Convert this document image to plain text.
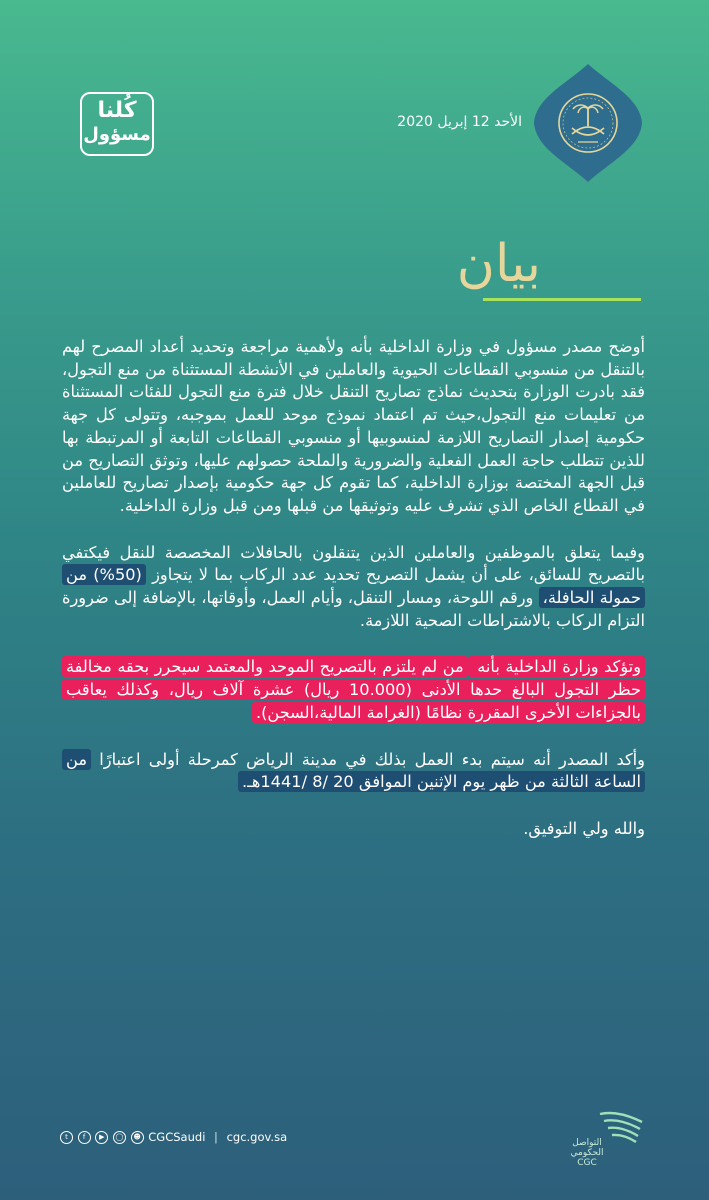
كُلنا
مسؤول
الأحد 12 إبريل 2020
بيان

أوضح مصدر مسؤول في وزارة الداخلية بأنه ولأهمية مراجعة وتحديد أعداد المصرح لهم بالتنقل من منسوبي القطاعات الحيوية والعاملين في الأنشطة المستثناة من منع التجول، فقد بادرت الوزارة بتحديث نماذج تصاريح التنقل خلال فترة منع التجول للفئات المستثناة من تعليمات منع التجول،حيث تم اعتماد نموذج موحد للعمل بموجبه، وتتولى كل جهة حكومية إصدار التصاريح اللازمة لمنسوبيها أو منسوبي القطاعات التابعة أو المرتبطة بها للذين تتطلب حاجة العمل الفعلية والضرورية والملحة حصولهم عليها، وتوثق التصاريح من قبل الجهة المختصة بوزارة الداخلية، كما تقوم كل جهة حكومية بإصدار تصاريح للعاملين في القطاع الخاص الذي تشرف عليه وتوثيقها من قبلها ومن قبل وزارة الداخلية.

وفيما يتعلق بالموظفين والعاملين الذين يتنقلون بالحافلات المخصصة للنقل فيكتفي بالتصريح للسائق، على أن يشمل التصريح تحديد عدد الركاب بما لا يتجاوز (50%) من حمولة الحافلة، ورقم اللوحة، ومسار التنقل، وأيام العمل، وأوقاتها، بالإضافة إلى ضرورة التزام الركاب بالاشتراطات الصحية اللازمة.

وتؤكد وزارة الداخلية بأنه من لم يلتزم بالتصريح الموحد والمعتمد سيحرر بحقه مخالفة حظر التجول البالغ حدها الأدنى (10.000 ريال) عشرة آلاف ريال، وكذلك يعاقب بالجزاءات الأخرى المقررة نظامًا (الغرامة المالية،السجن).

وأكد المصدر أنه سيتم بدء العمل بذلك في مدينة الرياض كمرحلة أولى اعتبارًا من الساعة الثالثة من ظهر يوم الإثنين الموافق 20 /8 /1441هـ.

والله ولي التوفيق.

t f ▶ ◯ ☻ CGCSaudi | cgc.gov.sa	التواصل
الحكومي
CGC
